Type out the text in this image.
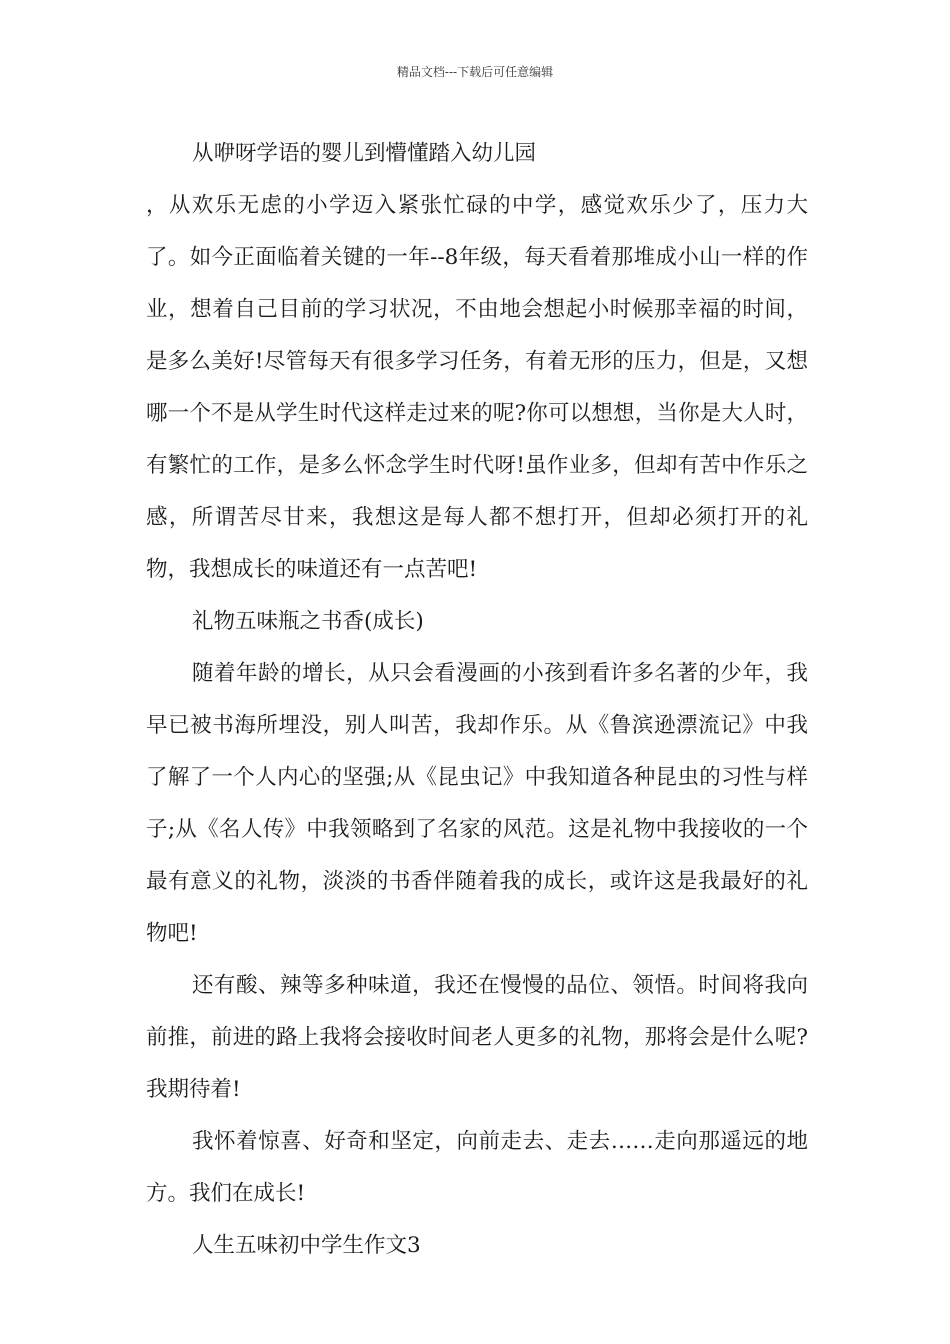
精品文档---下载后可任意编辑

从咿呀学语的婴儿到懵懂踏入幼儿园

，从欢乐无虑的小学迈入紧张忙碌的中学，感觉欢乐少了，压力大了。如今正面临着关键的一年--8年级，每天看着那堆成小山一样的作业，想着自己目前的学习状况，不由地会想起小时候那幸福的时间，是多么美好!尽管每天有很多学习任务，有着无形的压力，但是，又想哪一个不是从学生时代这样走过来的呢?你可以想想，当你是大人时，有繁忙的工作，是多么怀念学生时代呀!虽作业多，但却有苦中作乐之感，所谓苦尽甘来，我想这是每人都不想打开，但却必须打开的礼物，我想成长的味道还有一点苦吧!

礼物五味瓶之书香(成长)

随着年龄的增长，从只会看漫画的小孩到看许多名著的少年，我早已被书海所埋没，别人叫苦，我却作乐。从《鲁滨逊漂流记》中我了解了一个人内心的坚强;从《昆虫记》中我知道各种昆虫的习性与样子;从《名人传》中我领略到了名家的风范。这是礼物中我接收的一个最有意义的礼物，淡淡的书香伴随着我的成长，或许这是我最好的礼物吧!

还有酸、辣等多种味道，我还在慢慢的品位、领悟。时间将我向前推，前进的路上我将会接收时间老人更多的礼物，那将会是什么呢?我期待着!

我怀着惊喜、好奇和坚定，向前走去、走去……走向那遥远的地方。我们在成长!

人生五味初中学生作文3
